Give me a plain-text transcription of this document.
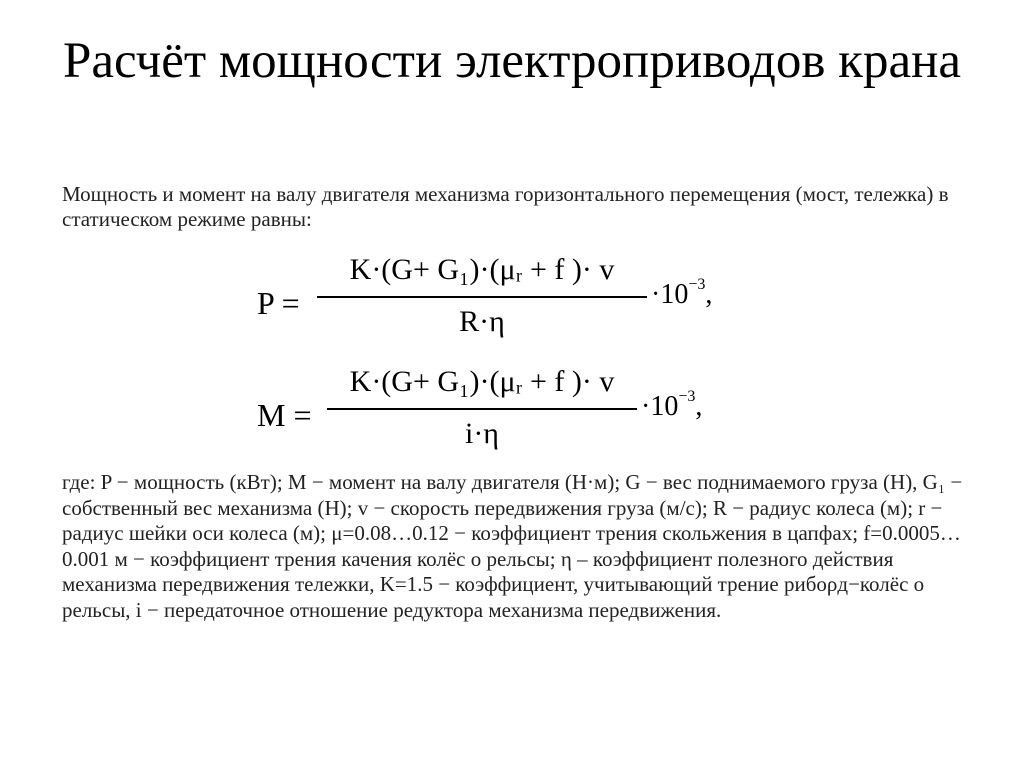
Расчёт мощности электроприводов крана
Мощность и момент на валу двигателя механизма горизонтального перемещения (мост, тележка) в статическом режиме равны:
P =
K·(G+ G₁)·(μᵣ + f )· v
R·η
$\cdot 10^{-3}$,
M =
K·(G+ G₁)·(μᵣ + f )· v
i·η
$\cdot 10^{-3}$,
где: P − мощность (кВт); M − момент на валу двигателя (Н·м); G − вес поднимаемого груза (Н), G₁ − собственный вес механизма (Н); v − скорость передвижения груза (м/с); R − радиус колеса (м); r − радиус шейки оси колеса (м); μ=0.08…0.12 − коэффициент трения скольжения в цапфах; f=0.0005…0.001 м − коэффициент трения качения колёс о рельсы; η – коэффициент полезного действия механизма передвижения тележки, K=1.5 − коэффициент, учитывающий трение рибορд−колёс о рельсы, i − передаточное отношение редуктора механизма передвижения.
